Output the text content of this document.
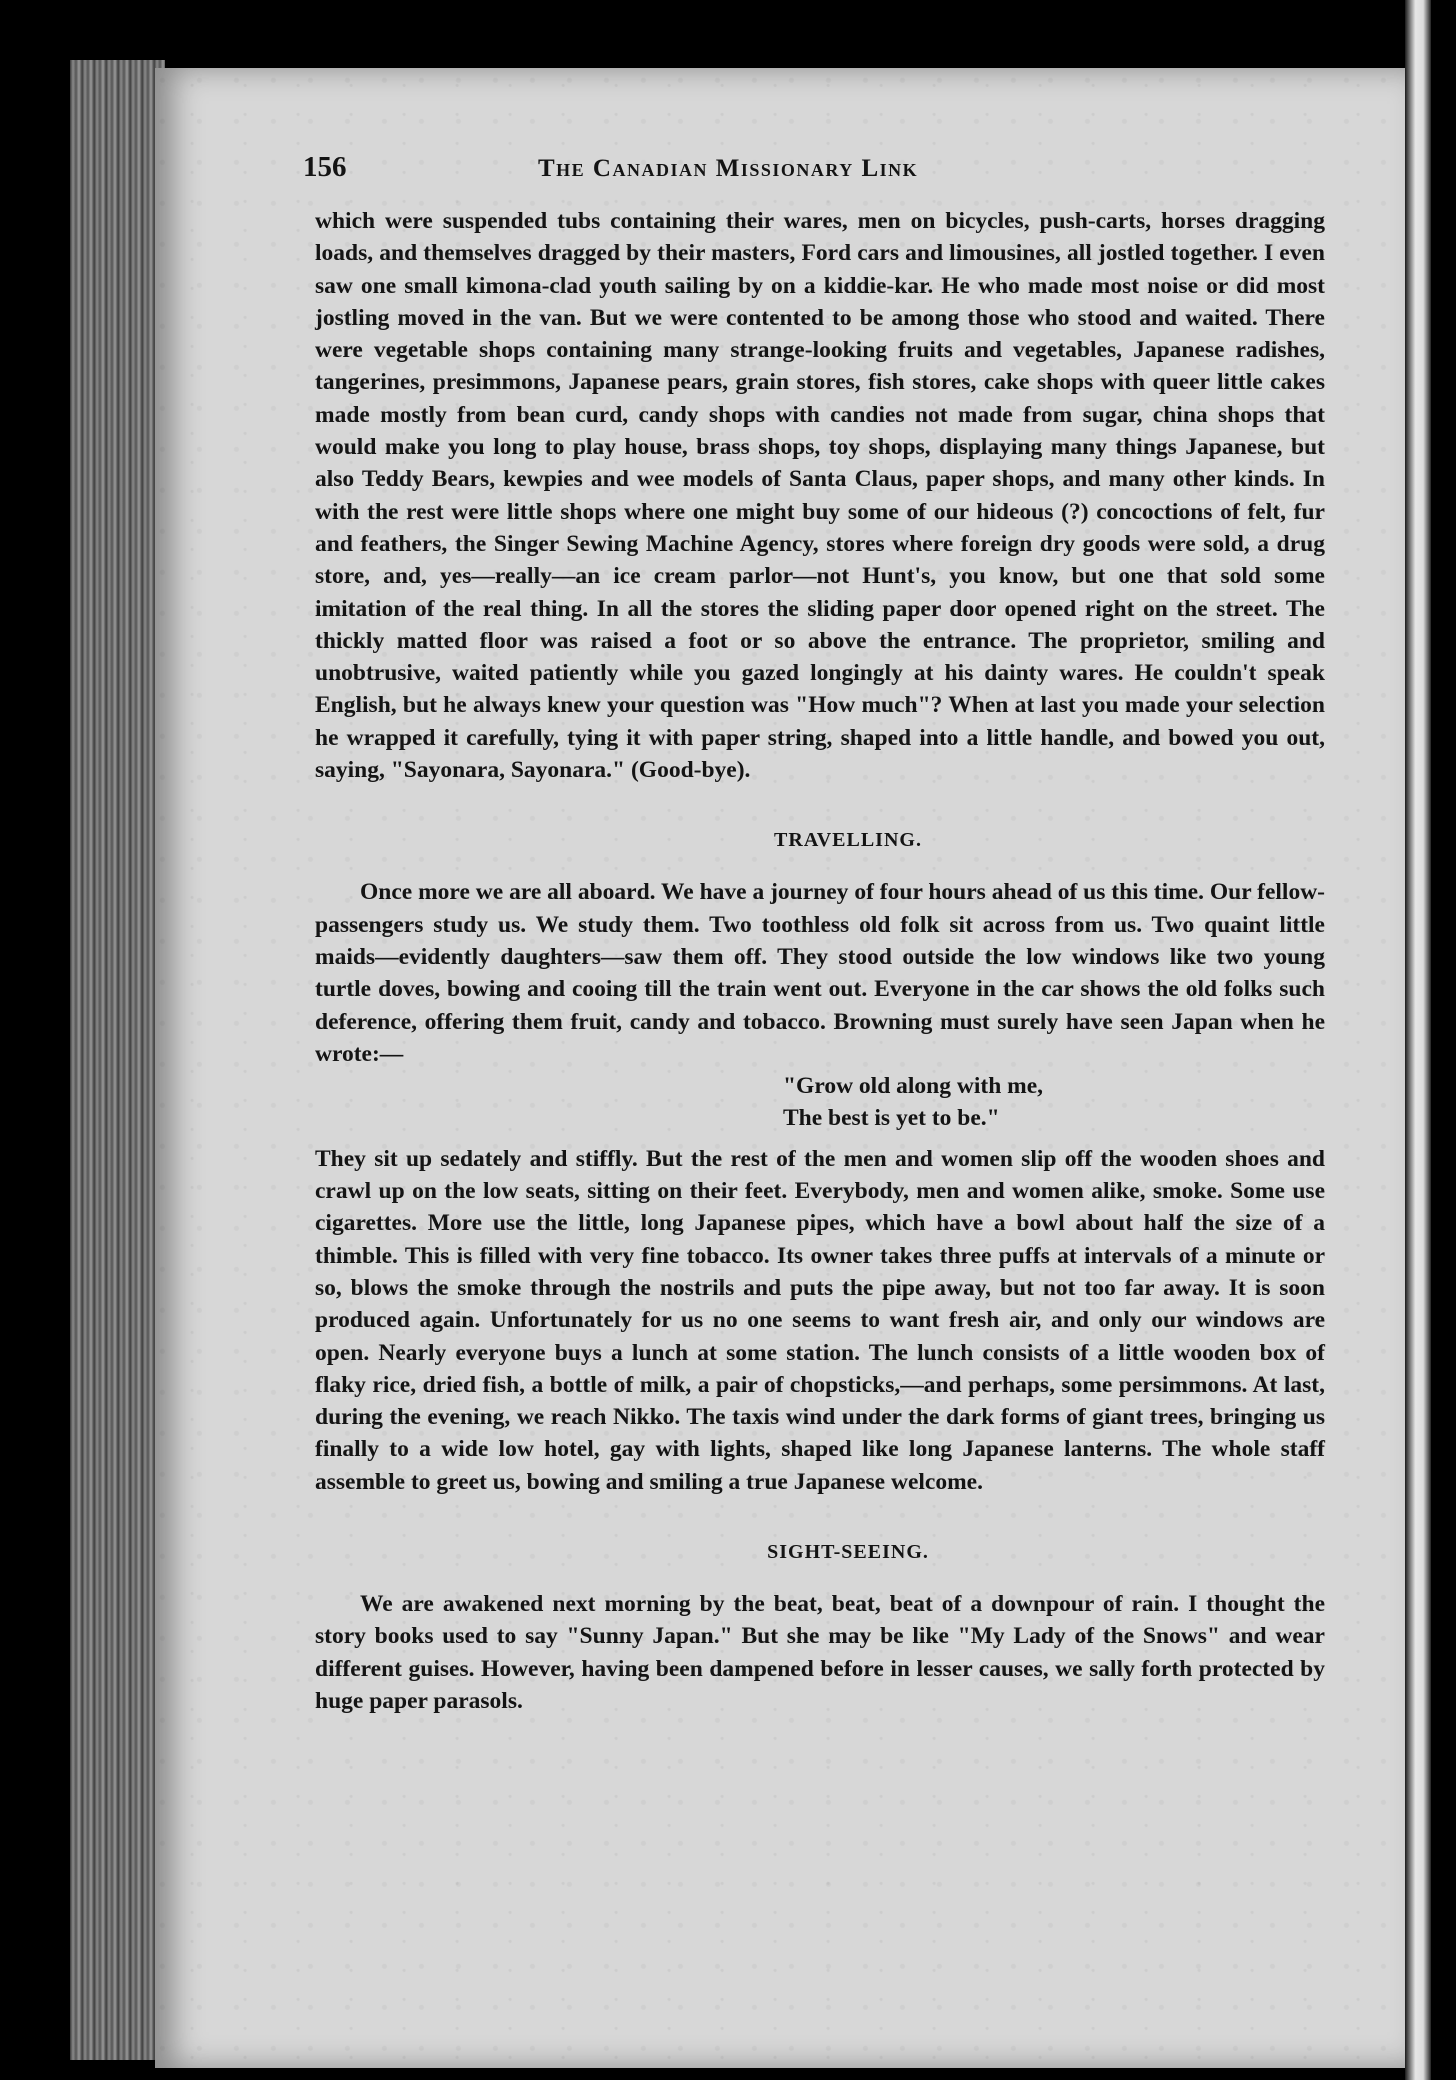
156	The Canadian Missionary Link

which were suspended tubs containing their wares, men on bicycles, push-carts, horses dragging loads, and themselves dragged by their masters, Ford cars and limousines, all jostled together. I even saw one small kimona-clad youth sailing by on a kiddie-kar. He who made most noise or did most jostling moved in the van. But we were contented to be among those who stood and waited. There were vegetable shops containing many strange-looking fruits and vegetables, Japanese radishes, tangerines, presimmons, Japanese pears, grain stores, fish stores, cake shops with queer little cakes made mostly from bean curd, candy shops with candies not made from sugar, china shops that would make you long to play house, brass shops, toy shops, displaying many things Japanese, but also Teddy Bears, kewpies and wee models of Santa Claus, paper shops, and many other kinds. In with the rest were little shops where one might buy some of our hideous (?) concoctions of felt, fur and feathers, the Singer Sewing Machine Agency, stores where foreign dry goods were sold, a drug store, and, yes—really—an ice cream parlor—not Hunt's, you know, but one that sold some imitation of the real thing. In all the stores the sliding paper door opened right on the street. The thickly matted floor was raised a foot or so above the entrance. The proprietor, smiling and unobtrusive, waited patiently while you gazed longingly at his dainty wares. He couldn't speak English, but he always knew your question was "How much"? When at last you made your selection he wrapped it carefully, tying it with paper string, shaped into a little handle, and bowed you out, saying, "Sayonara, Sayonara." (Good-bye).

TRAVELLING.

Once more we are all aboard. We have a journey of four hours ahead of us this time. Our fellow-passengers study us. We study them. Two toothless old folk sit across from us. Two quaint little maids—evidently daughters—saw them off. They stood outside the low windows like two young turtle doves, bowing and cooing till the train went out. Everyone in the car shows the old folks such deference, offering them fruit, candy and tobacco. Browning must surely have seen Japan when he wrote:—

"Grow old along with me,
The best is yet to be."

They sit up sedately and stiffly. But the rest of the men and women slip off the wooden shoes and crawl up on the low seats, sitting on their feet. Everybody, men and women alike, smoke. Some use cigarettes. More use the little, long Japanese pipes, which have a bowl about half the size of a thimble. This is filled with very fine tobacco. Its owner takes three puffs at intervals of a minute or so, blows the smoke through the nostrils and puts the pipe away, but not too far away. It is soon produced again. Unfortunately for us no one seems to want fresh air, and only our windows are open. Nearly everyone buys a lunch at some station. The lunch consists of a little wooden box of flaky rice, dried fish, a bottle of milk, a pair of chopsticks,—and perhaps, some persimmons. At last, during the evening, we reach Nikko. The taxis wind under the dark forms of giant trees, bringing us finally to a wide low hotel, gay with lights, shaped like long Japanese lanterns. The whole staff assemble to greet us, bowing and smiling a true Japanese welcome.

SIGHT-SEEING.

We are awakened next morning by the beat, beat, beat of a downpour of rain. I thought the story books used to say "Sunny Japan." But she may be like "My Lady of the Snows" and wear different guises. However, having been dampened before in lesser causes, we sally forth protected by huge paper parasols.
